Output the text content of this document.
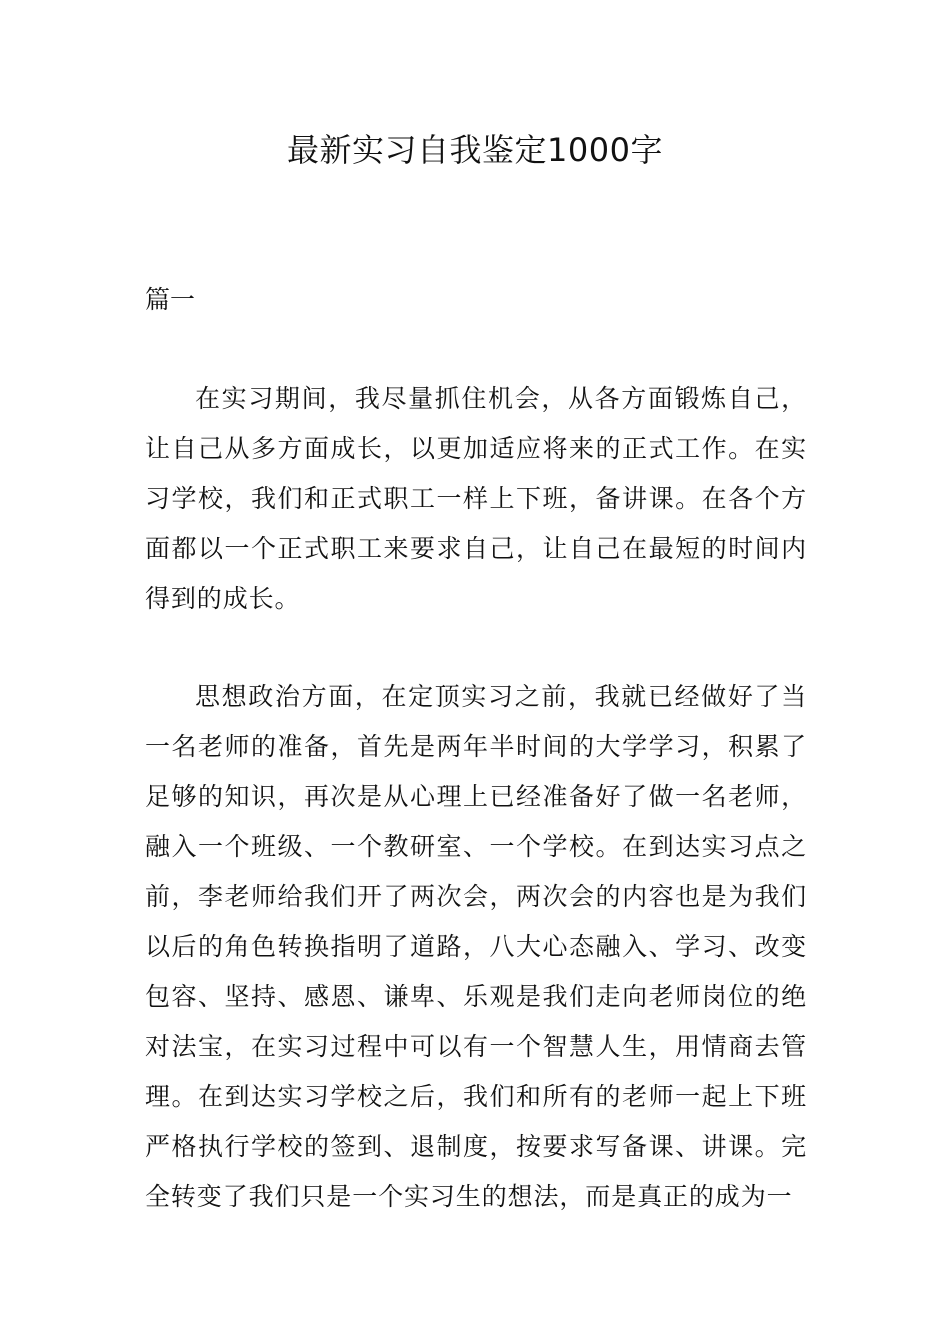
最新实习自我鉴定1000字
篇一

在实习期间，我尽量抓住机会，从各方面锻炼自己，让自己从多方面成长，以更加适应将来的正式工作。在实习学校，我们和正式职工一样上下班，备讲课。在各个方面都以一个正式职工来要求自己，让自己在最短的时间内得到的成长。

思想政治方面，在定顶实习之前，我就已经做好了当一名老师的准备，首先是两年半时间的大学学习，积累了足够的知识，再次是从心理上已经准备好了做一名老师，融入一个班级、一个教研室、一个学校。在到达实习点之前，李老师给我们开了两次会，两次会的内容也是为我们以后的角色转换指明了道路，八大心态融入、学习、改变包容、坚持、感恩、谦卑、乐观是我们走向老师岗位的绝对法宝，在实习过程中可以有一个智慧人生，用情商去管理。在到达实习学校之后，我们和所有的老师一起上下班严格执行学校的签到、退制度，按要求写备课、讲课。完全转变了我们只是一个实习生的想法，而是真正的成为一
